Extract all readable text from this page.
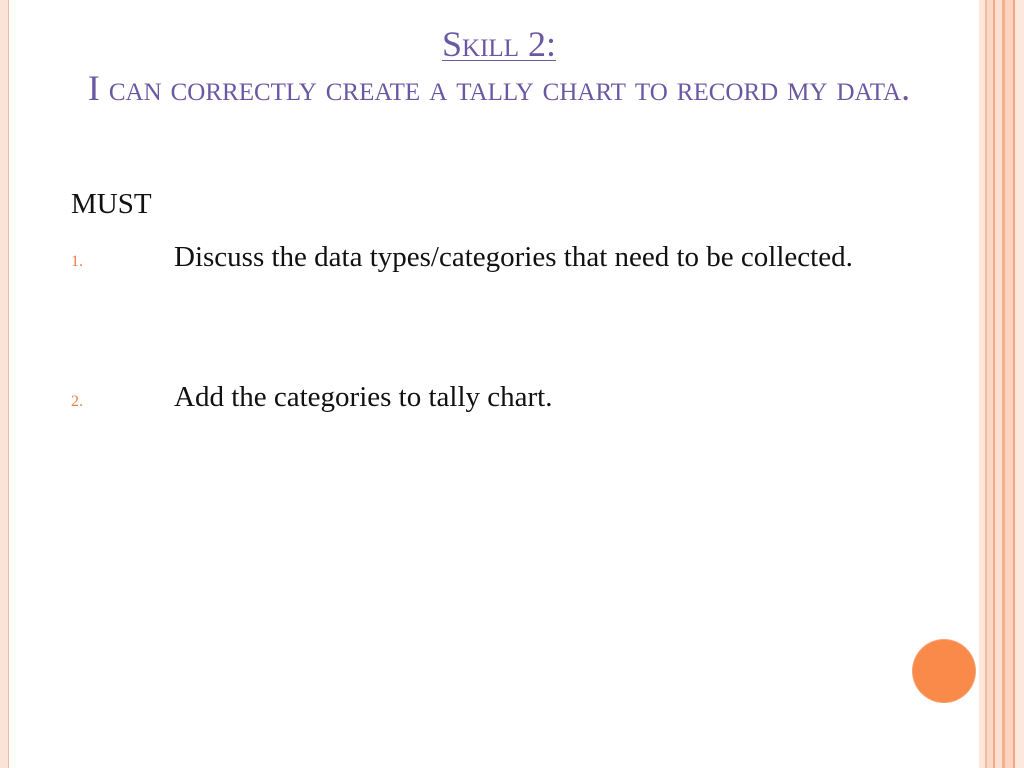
Skill 2:
I can correctly create a tally chart to record my data.
MUST
1.	Discuss the data types/categories that need to be collected.
2.	Add the categories to tally chart.
